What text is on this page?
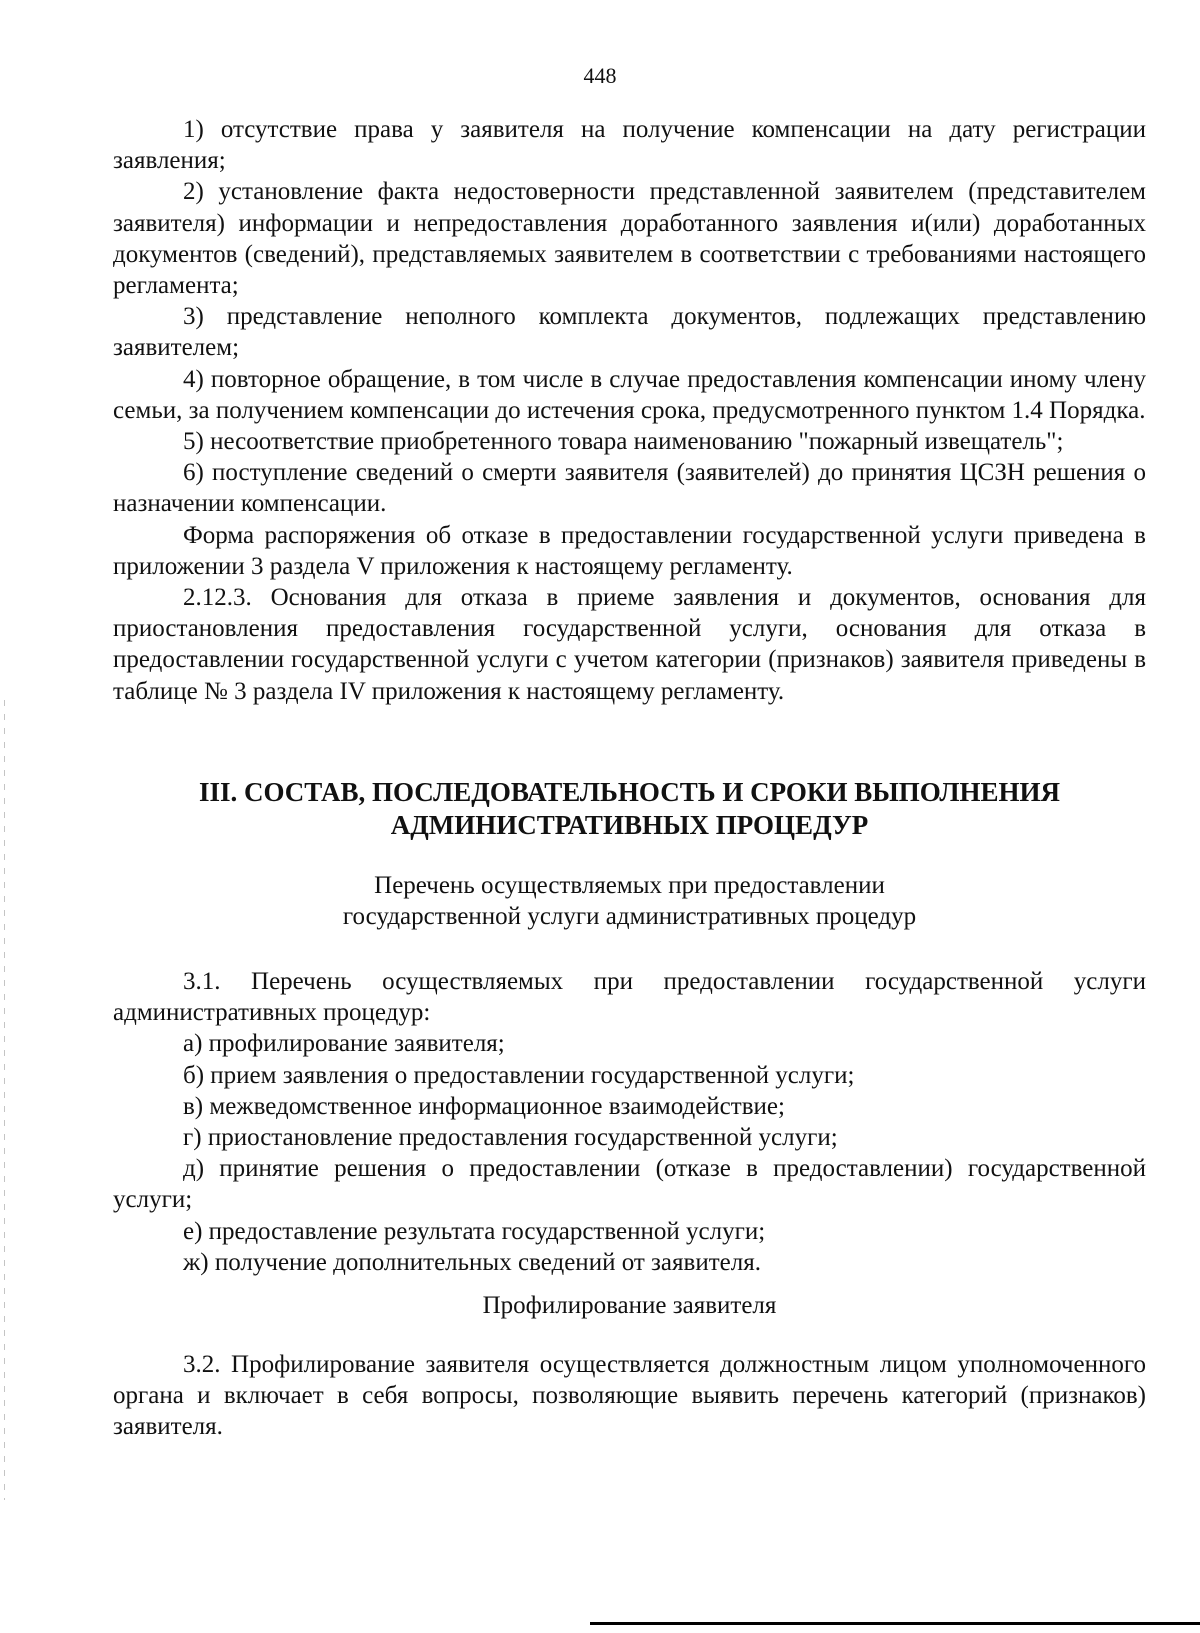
448

1) отсутствие права у заявителя на получение компенсации на дату регистрации заявления;

2) установление факта недостоверности представленной заявителем (представителем заявителя) информации и непредоставления доработанного заявления и(или) доработанных документов (сведений), представляемых заявителем в соответствии с требованиями настоящего регламента;

3) представление неполного комплекта документов, подлежащих представлению заявителем;

4) повторное обращение, в том числе в случае предоставления компенсации иному члену семьи, за получением компенсации до истечения срока, предусмотренного пунктом 1.4 Порядка.

5) несоответствие приобретенного товара наименованию "пожарный извещатель";

6) поступление сведений о смерти заявителя (заявителей) до принятия ЦСЗН решения о назначении компенсации.

Форма распоряжения об отказе в предоставлении государственной услуги приведена в приложении 3 раздела V приложения к настоящему регламенту.

2.12.3. Основания для отказа в приеме заявления и документов, основания для приостановления предоставления государственной услуги, основания для отказа в предоставлении государственной услуги с учетом категории (признаков) заявителя приведены в таблице № 3 раздела IV приложения к настоящему регламенту.

III. СОСТАВ, ПОСЛЕДОВАТЕЛЬНОСТЬ И СРОКИ ВЫПОЛНЕНИЯ
АДМИНИСТРАТИВНЫХ ПРОЦЕДУР
Перечень осуществляемых при предоставлении
государственной услуги административных процедур

3.1. Перечень осуществляемых при предоставлении государственной услуги административных процедур:

а) профилирование заявителя;

б) прием заявления о предоставлении государственной услуги;

в) межведомственное информационное взаимодействие;

г) приостановление предоставления государственной услуги;

д) принятие решения о предоставлении (отказе в предоставлении) государственной услуги;

е) предоставление результата государственной услуги;

ж) получение дополнительных сведений от заявителя.

Профилирование заявителя

3.2. Профилирование заявителя осуществляется должностным лицом уполномоченного органа и включает в себя вопросы, позволяющие выявить перечень категорий (признаков) заявителя.
